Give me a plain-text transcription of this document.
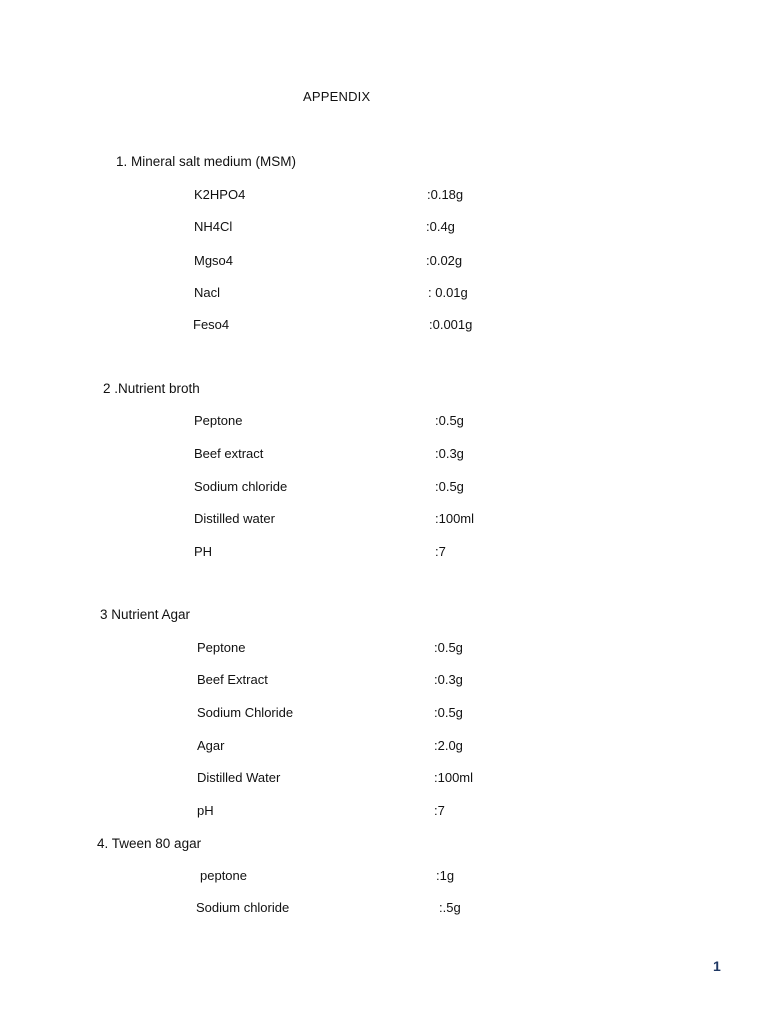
APPENDIX
1. Mineral salt medium (MSM)
K2HPO4	:0.18g
NH4Cl	:0.4g
Mgso4	:0.02g
Nacl	: 0.01g
Feso4	:0.001g
2 .Nutrient broth
Peptone	:0.5g
Beef extract	:0.3g
Sodium chloride	:0.5g
Distilled water	:100ml
PH	:7
3 Nutrient Agar
Peptone	:0.5g
Beef Extract	:0.3g
Sodium Chloride	:0.5g
Agar	:2.0g
Distilled Water	:100ml
pH	:7
4. Tween 80 agar
peptone	:1g
Sodium chloride	:.5g
1
